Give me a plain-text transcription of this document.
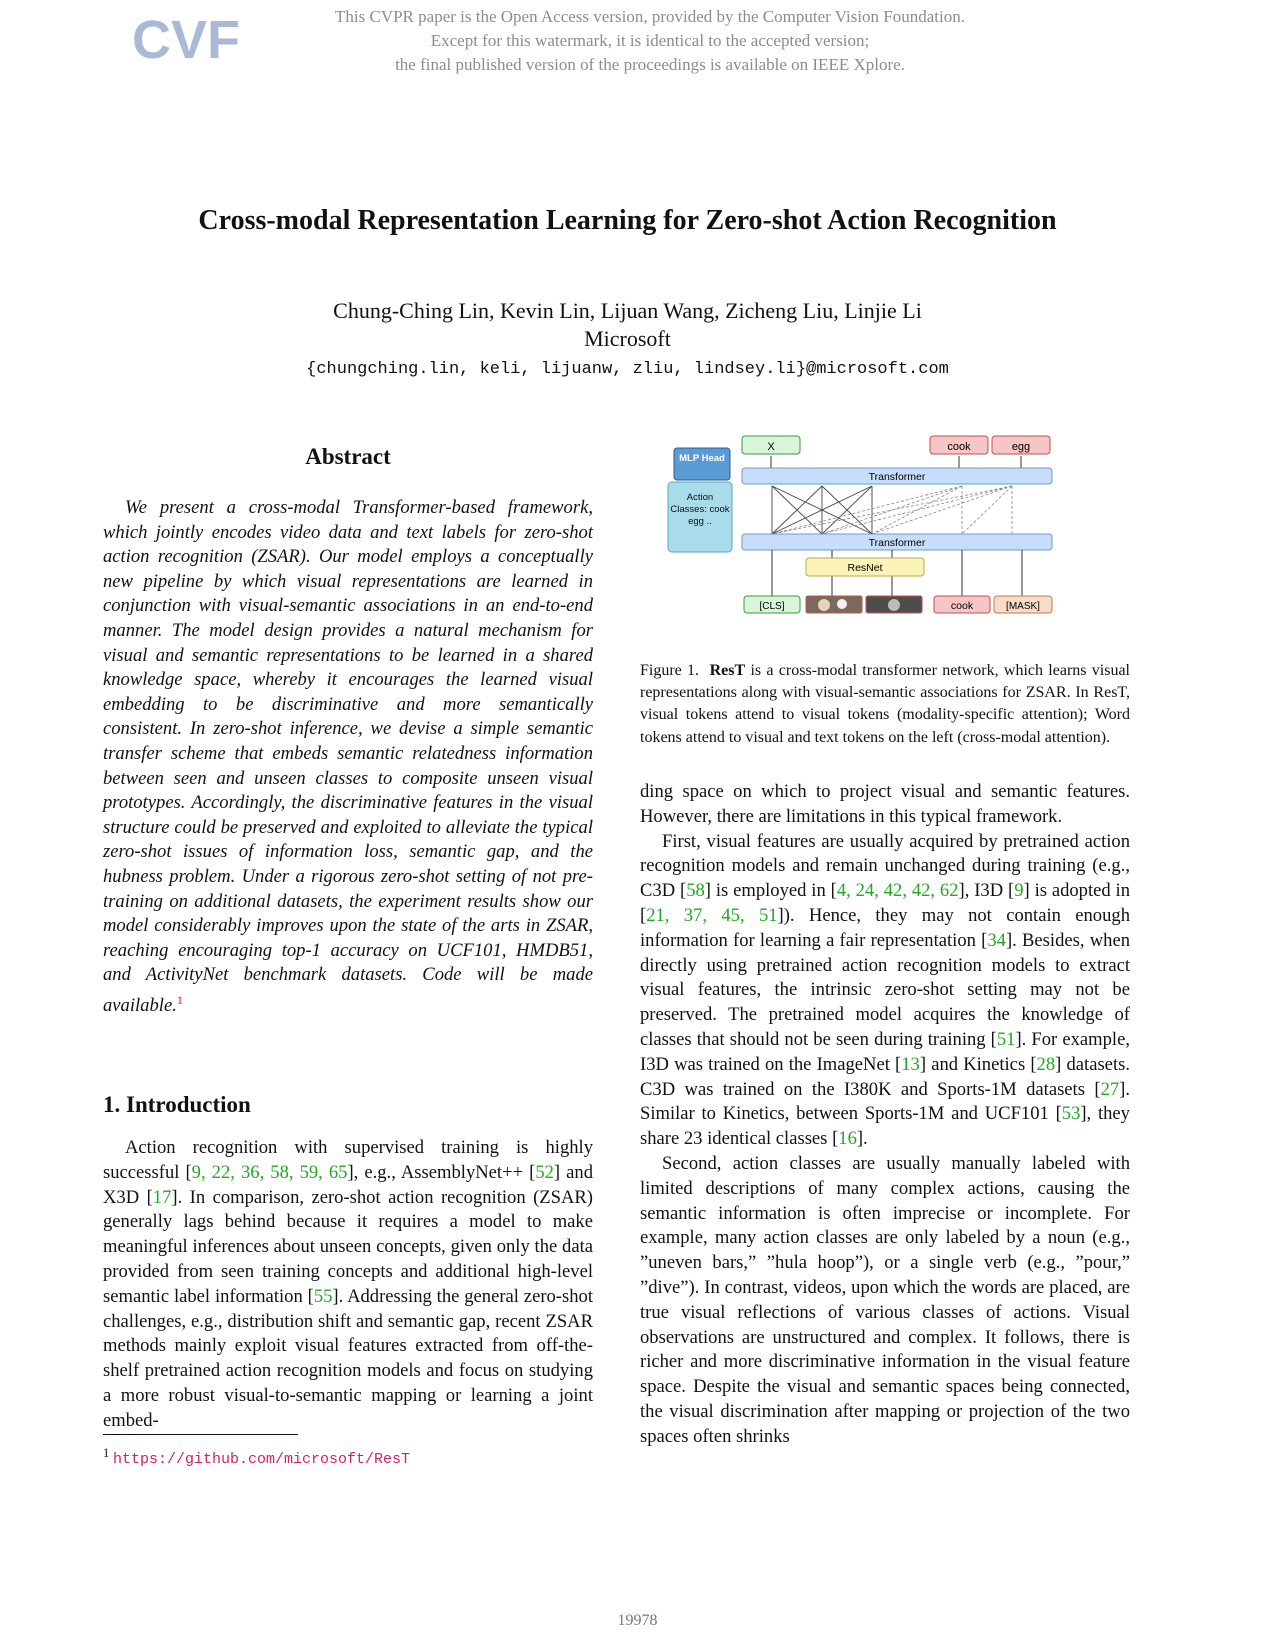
CVF	This CVPR paper is the Open Access version, provided by the Computer Vision Foundation.
Except for this watermark, it is identical to the accepted version;
the final published version of the proceedings is available on IEEE Xplore.
Cross-modal Representation Learning for Zero-shot Action Recognition
Chung-Ching Lin, Kevin Lin, Lijuan Wang, Zicheng Liu, Linjie Li
Microsoft
{chungching.lin, keli, lijuanw, zliu, lindsey.li}@microsoft.com
Abstract
We present a cross-modal Transformer-based framework, which jointly encodes video data and text labels for zero-shot action recognition (ZSAR). Our model employs a conceptually new pipeline by which visual representations are learned in conjunction with visual-semantic associations in an end-to-end manner. The model design provides a natural mechanism for visual and semantic representations to be learned in a shared knowledge space, whereby it encourages the learned visual embedding to be discriminative and more semantically consistent. In zero-shot inference, we devise a simple semantic transfer scheme that embeds semantic relatedness information between seen and unseen classes to composite unseen visual prototypes. Accordingly, the discriminative features in the visual structure could be preserved and exploited to alleviate the typical zero-shot issues of information loss, semantic gap, and the hubness problem. Under a rigorous zero-shot setting of not pre-training on additional datasets, the experiment results show our model considerably improves upon the state of the arts in ZSAR, reaching encouraging top-1 accuracy on UCF101, HMDB51, and ActivityNet benchmark datasets. Code will be made available.$^1$
1. Introduction
Action recognition with supervised training is highly successful [9, 22, 36, 58, 59, 65], e.g., AssemblyNet++ [52] and X3D [17]. In comparison, zero-shot action recognition (ZSAR) generally lags behind because it requires a model to make meaningful inferences about unseen concepts, given only the data provided from seen training concepts and additional high-level semantic label information [55]. Addressing the general zero-shot challenges, e.g., distribution shift and semantic gap, recent ZSAR methods mainly exploit visual features extracted from off-the-shelf pretrained action recognition models and focus on studying a more robust visual-to-semantic mapping or learning a joint embed-
$^1$ https://github.com/microsoft/ResT
MLP Head
Action Classes: cook egg ..
X	cook	egg
Transformer
Transformer
ResNet
[CLS]	cook	[MASK]
Figure 1. ResT is a cross-modal transformer network, which learns visual representations along with visual-semantic associations for ZSAR. In ResT, visual tokens attend to visual tokens (modality-specific attention); Word tokens attend to visual and text tokens on the left (cross-modal attention).

ding space on which to project visual and semantic features. However, there are limitations in this typical framework.

First, visual features are usually acquired by pretrained action recognition models and remain unchanged during training (e.g., C3D [58] is employed in [4, 24, 42, 42, 62], I3D [9] is adopted in [21, 37, 45, 51]). Hence, they may not contain enough information for learning a fair representation [34]. Besides, when directly using pretrained action recognition models to extract visual features, the intrinsic zero-shot setting may not be preserved. The pretrained model acquires the knowledge of classes that should not be seen during training [51]. For example, I3D was trained on the ImageNet [13] and Kinetics [28] datasets. C3D was trained on the I380K and Sports-1M datasets [27]. Similar to Kinetics, between Sports-1M and UCF101 [53], they share 23 identical classes [16].

Second, action classes are usually manually labeled with limited descriptions of many complex actions, causing the semantic information is often imprecise or incomplete. For example, many action classes are only labeled by a noun (e.g., ”uneven bars,” ”hula hoop”), or a single verb (e.g., ”pour,” ”dive”). In contrast, videos, upon which the words are placed, are true visual reflections of various classes of actions. Visual observations are unstructured and complex. It follows, there is richer and more discriminative information in the visual feature space. Despite the visual and semantic spaces being connected, the visual discrimination after mapping or projection of the two spaces often shrinks

19978
